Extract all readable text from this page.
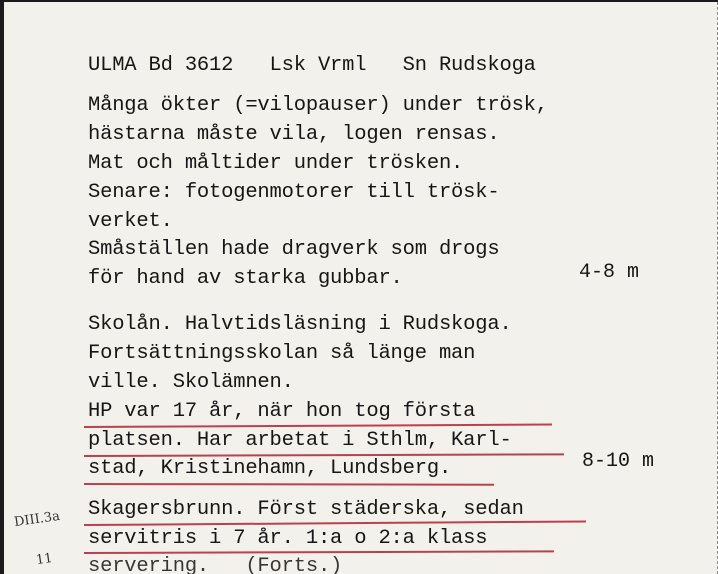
ULMA Bd 3612   Lsk Vrml   Sn Rudskoga
Många ökter (=vilopauser) under trösk,
hästarna måste vila, logen rensas.
Mat och måltider under trösken.
Senare: fotogenmotorer till trösk-
verket.
Småställen hade dragverk som drogs
för hand av starka gubbar.	4-8 m
Skolån. Halvtidsläsning i Rudskoga.
Fortsättningsskolan så länge man
ville. Skolämnen.
HP var 17 år, när hon tog första
platsen. Har arbetat i Sthlm, Karl-
stad, Kristinehamn, Lundsberg.	8-10 m
Skagersbrunn. Först städerska, sedan
servitris i 7 år. 1:a o 2:a klass
servering.   (Forts.)
DIII.3a
11
